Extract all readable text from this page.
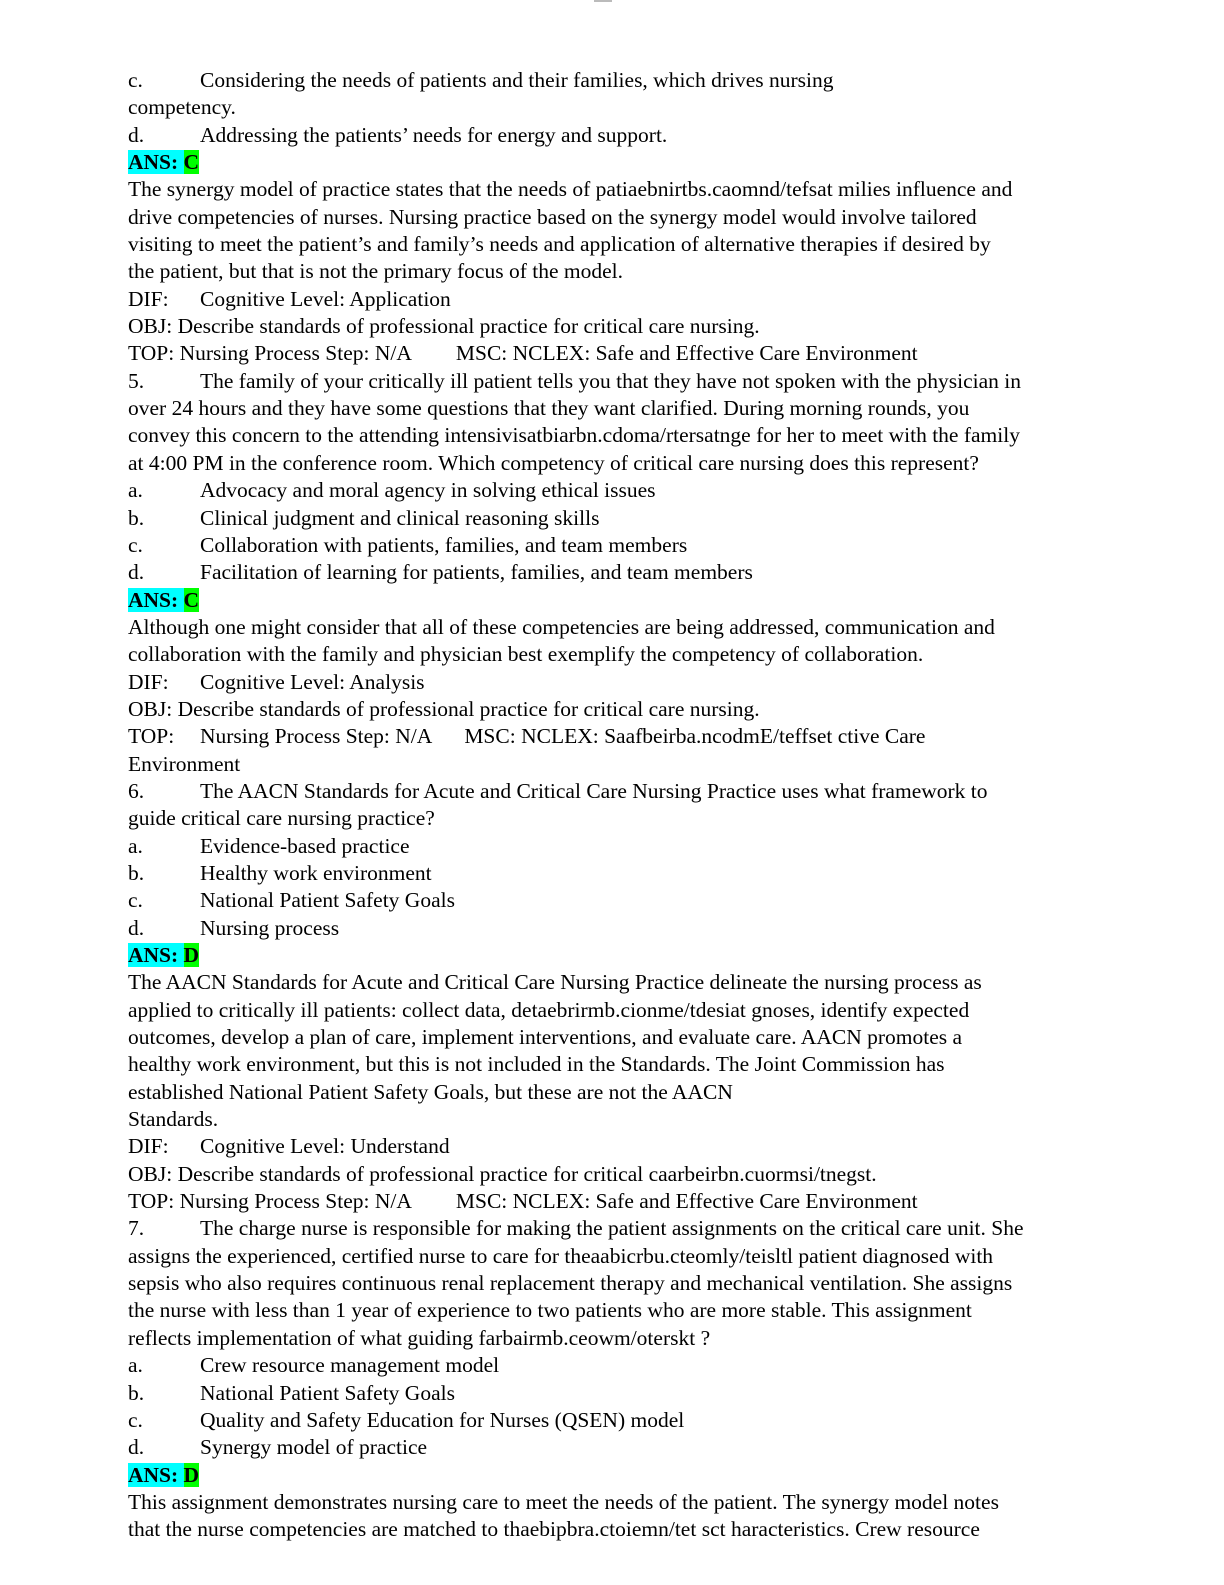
c.	Considering the needs of patients and their families, which drives nursing
competency.
d.	Addressing the patients’ needs for energy and support.
ANS: C
The synergy model of practice states that the needs of patiaebnirtbs.caomnd/tefsat milies influence and
drive competencies of nurses. Nursing practice based on the synergy model would involve tailored
visiting to meet the patient’s and family’s needs and application of alternative therapies if desired by
the patient, but that is not the primary focus of the model.
DIF: Cognitive Level: Application
OBJ: Describe standards of professional practice for critical care nursing.
TOP: Nursing Process Step: N/A MSC: NCLEX: Safe and Effective Care Environment
5.	The family of your critically ill patient tells you that they have not spoken with the physician in
over 24 hours and they have some questions that they want clarified. During morning rounds, you
convey this concern to the attending intensivisatbiarbn.cdoma/rtersatnge for her to meet with the family
at 4:00 PM in the conference room. Which competency of critical care nursing does this represent?
a.	Advocacy and moral agency in solving ethical issues
b.	Clinical judgment and clinical reasoning skills
c.	Collaboration with patients, families, and team members
d.	Facilitation of learning for patients, families, and team members
ANS: C
Although one might consider that all of these competencies are being addressed, communication and
collaboration with the family and physician best exemplify the competency of collaboration.
DIF: Cognitive Level: Analysis
OBJ: Describe standards of professional practice for critical care nursing.
TOP: Nursing Process Step: N/A MSC: NCLEX: Saafbeirba.ncodmE/teffset ctive Care
Environment
6.	The AACN Standards for Acute and Critical Care Nursing Practice uses what framework to
guide critical care nursing practice?
a.	Evidence-based practice
b.	Healthy work environment
c.	National Patient Safety Goals
d.	Nursing process
ANS: D
The AACN Standards for Acute and Critical Care Nursing Practice delineate the nursing process as
applied to critically ill patients: collect data, detaebrirmb.cionme/tdesiat gnoses, identify expected
outcomes, develop a plan of care, implement interventions, and evaluate care. AACN promotes a
healthy work environment, but this is not included in the Standards. The Joint Commission has
established National Patient Safety Goals, but these are not the AACN
Standards.
DIF: Cognitive Level: Understand
OBJ: Describe standards of professional practice for critical caarbeirbn.cuormsi/tnegst.
TOP: Nursing Process Step: N/A MSC: NCLEX: Safe and Effective Care Environment
7.	The charge nurse is responsible for making the patient assignments on the critical care unit. She
assigns the experienced, certified nurse to care for theaabicrbu.cteomly/teisltl patient diagnosed with
sepsis who also requires continuous renal replacement therapy and mechanical ventilation. She assigns
the nurse with less than 1 year of experience to two patients who are more stable. This assignment
reflects implementation of what guiding farbairmb.ceowm/oterskt ?
a.	Crew resource management model
b.	National Patient Safety Goals
c.	Quality and Safety Education for Nurses (QSEN) model
d.	Synergy model of practice
ANS: D
This assignment demonstrates nursing care to meet the needs of the patient. The synergy model notes
that the nurse competencies are matched to thaebipbra.ctoiemn/tet sct haracteristics. Crew resource
